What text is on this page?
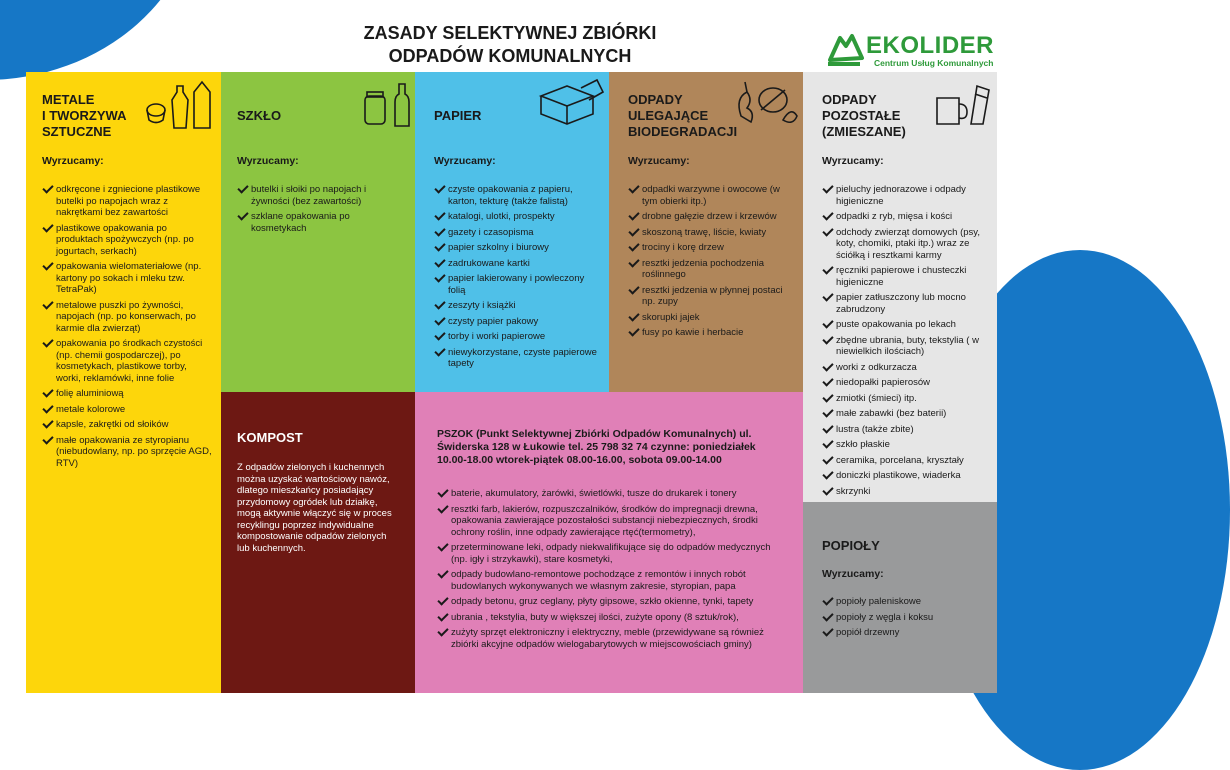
ZASADY SELEKTYWNEJ ZBIÓRKI
ODPADÓW KOMUNALNYCH	EKOLIDER
Centrum Usług Komunalnych
METALE
I TWORZYWA
SZTUCZNE
Wyrzucamy:
odkręcone i zgniecione plastikowe butelki po napojach wraz z nakrętkami bez zawartości
plastikowe opakowania po produktach spożywczych (np. po jogurtach, serkach)
opakowania wielomateriałowe (np. kartony po sokach i mleku tzw. TetraPak)
metalowe puszki po żywności, napojach (np. po konserwach, po karmie dla zwierząt)
opakowania po środkach czystości (np. chemii gospodarczej), po kosmetykach, plastikowe torby, worki, reklamówki, inne folie
folię aluminiową
metale kolorowe
kapsle, zakrętki od słoików
małe opakowania ze styropianu (niebudowlany, np. po sprzęcie AGD, RTV)
SZKŁO
Wyrzucamy:
butelki i słoiki po napojach i żywności (bez zawartości)
szklane opakowania po kosmetykach
PAPIER
Wyrzucamy:
czyste opakowania z papieru, karton, tekturę (także falistą)
katalogi, ulotki, prospekty
gazety i czasopisma
papier szkolny i biurowy
zadrukowane kartki
papier lakierowany i powleczony folią
zeszyty i książki
czysty papier pakowy
torby i worki papierowe
niewykorzystane, czyste papierowe tapety
ODPADY
ULEGAJĄCE
BIODEGRADACJI
Wyrzucamy:
odpadki warzywne i owocowe (w tym obierki itp.)
drobne gałęzie drzew i krzewów
skoszoną trawę, liście, kwiaty
trociny i korę drzew
resztki jedzenia pochodzenia roślinnego
resztki jedzenia w płynnej postaci np. zupy
skorupki jajek
fusy po kawie i herbacie
ODPADY
POZOSTAŁE
(ZMIESZANE)
Wyrzucamy:
pieluchy jednorazowe i odpady higieniczne
odpadki z ryb, mięsa i kości
odchody zwierząt domowych (psy, koty, chomiki, ptaki itp.) wraz ze ściółką i resztkami karmy
ręczniki papierowe i chusteczki higieniczne
papier zatłuszczony lub mocno zabrudzony
puste opakowania po lekach
zbędne ubrania, buty, tekstylia ( w niewielkich ilościach)
worki z odkurzacza
niedopałki papierosów
zmiotki (śmieci) itp.
małe zabawki (bez baterii)
lustra (także zbite)
szkło płaskie
ceramika, porcelana, kryształy
doniczki plastikowe, wiaderka
skrzynki
KOMPOST
Z odpadów zielonych i kuchennych można uzyskać wartościowy nawóz, dlatego mieszkańcy posiadający przydomowy ogródek lub działkę, mogą aktywnie włączyć się w proces recyklingu poprzez indywidualne kompostowanie odpadów zielonych lub kuchennych.
PSZOK (Punkt Selektywnej Zbiórki Odpadów Komunalnych) ul. Świderska 128 w Łukowie tel. 25 798 32 74 czynne: poniedziałek 10.00-18.00 wtorek-piątek 08.00-16.00, sobota 09.00-14.00
baterie, akumulatory, żarówki, świetlówki, tusze do drukarek i tonery
resztki farb, lakierów, rozpuszczalników, środków do impregnacji drewna, opakowania zawierające pozostałości substancji niebezpiecznych, środki ochrony roślin, inne odpady zawierające rtęć(termometry),
przeterminowane leki, odpady niekwalifikujące się do odpadów medycznych (np. igły i strzykawki), stare kosmetyki,
odpady budowlano-remontowe pochodzące z remontów i innych robót budowlanych wykonywanych we własnym zakresie, styropian, papa
odpady betonu, gruz ceglany, płyty gipsowe, szkło okienne, tynki, tapety
ubrania , tekstylia, buty w większej ilości, zużyte opony (8 sztuk/rok),
zużyty sprzęt elektroniczny i elektryczny, meble (przewidywane są również zbiórki akcyjne odpadów wielogabarytowych w miejscowościach gminy)
POPIOŁY
Wyrzucamy:
popioły paleniskowe
popioły z węgla i koksu
popiół drzewny
